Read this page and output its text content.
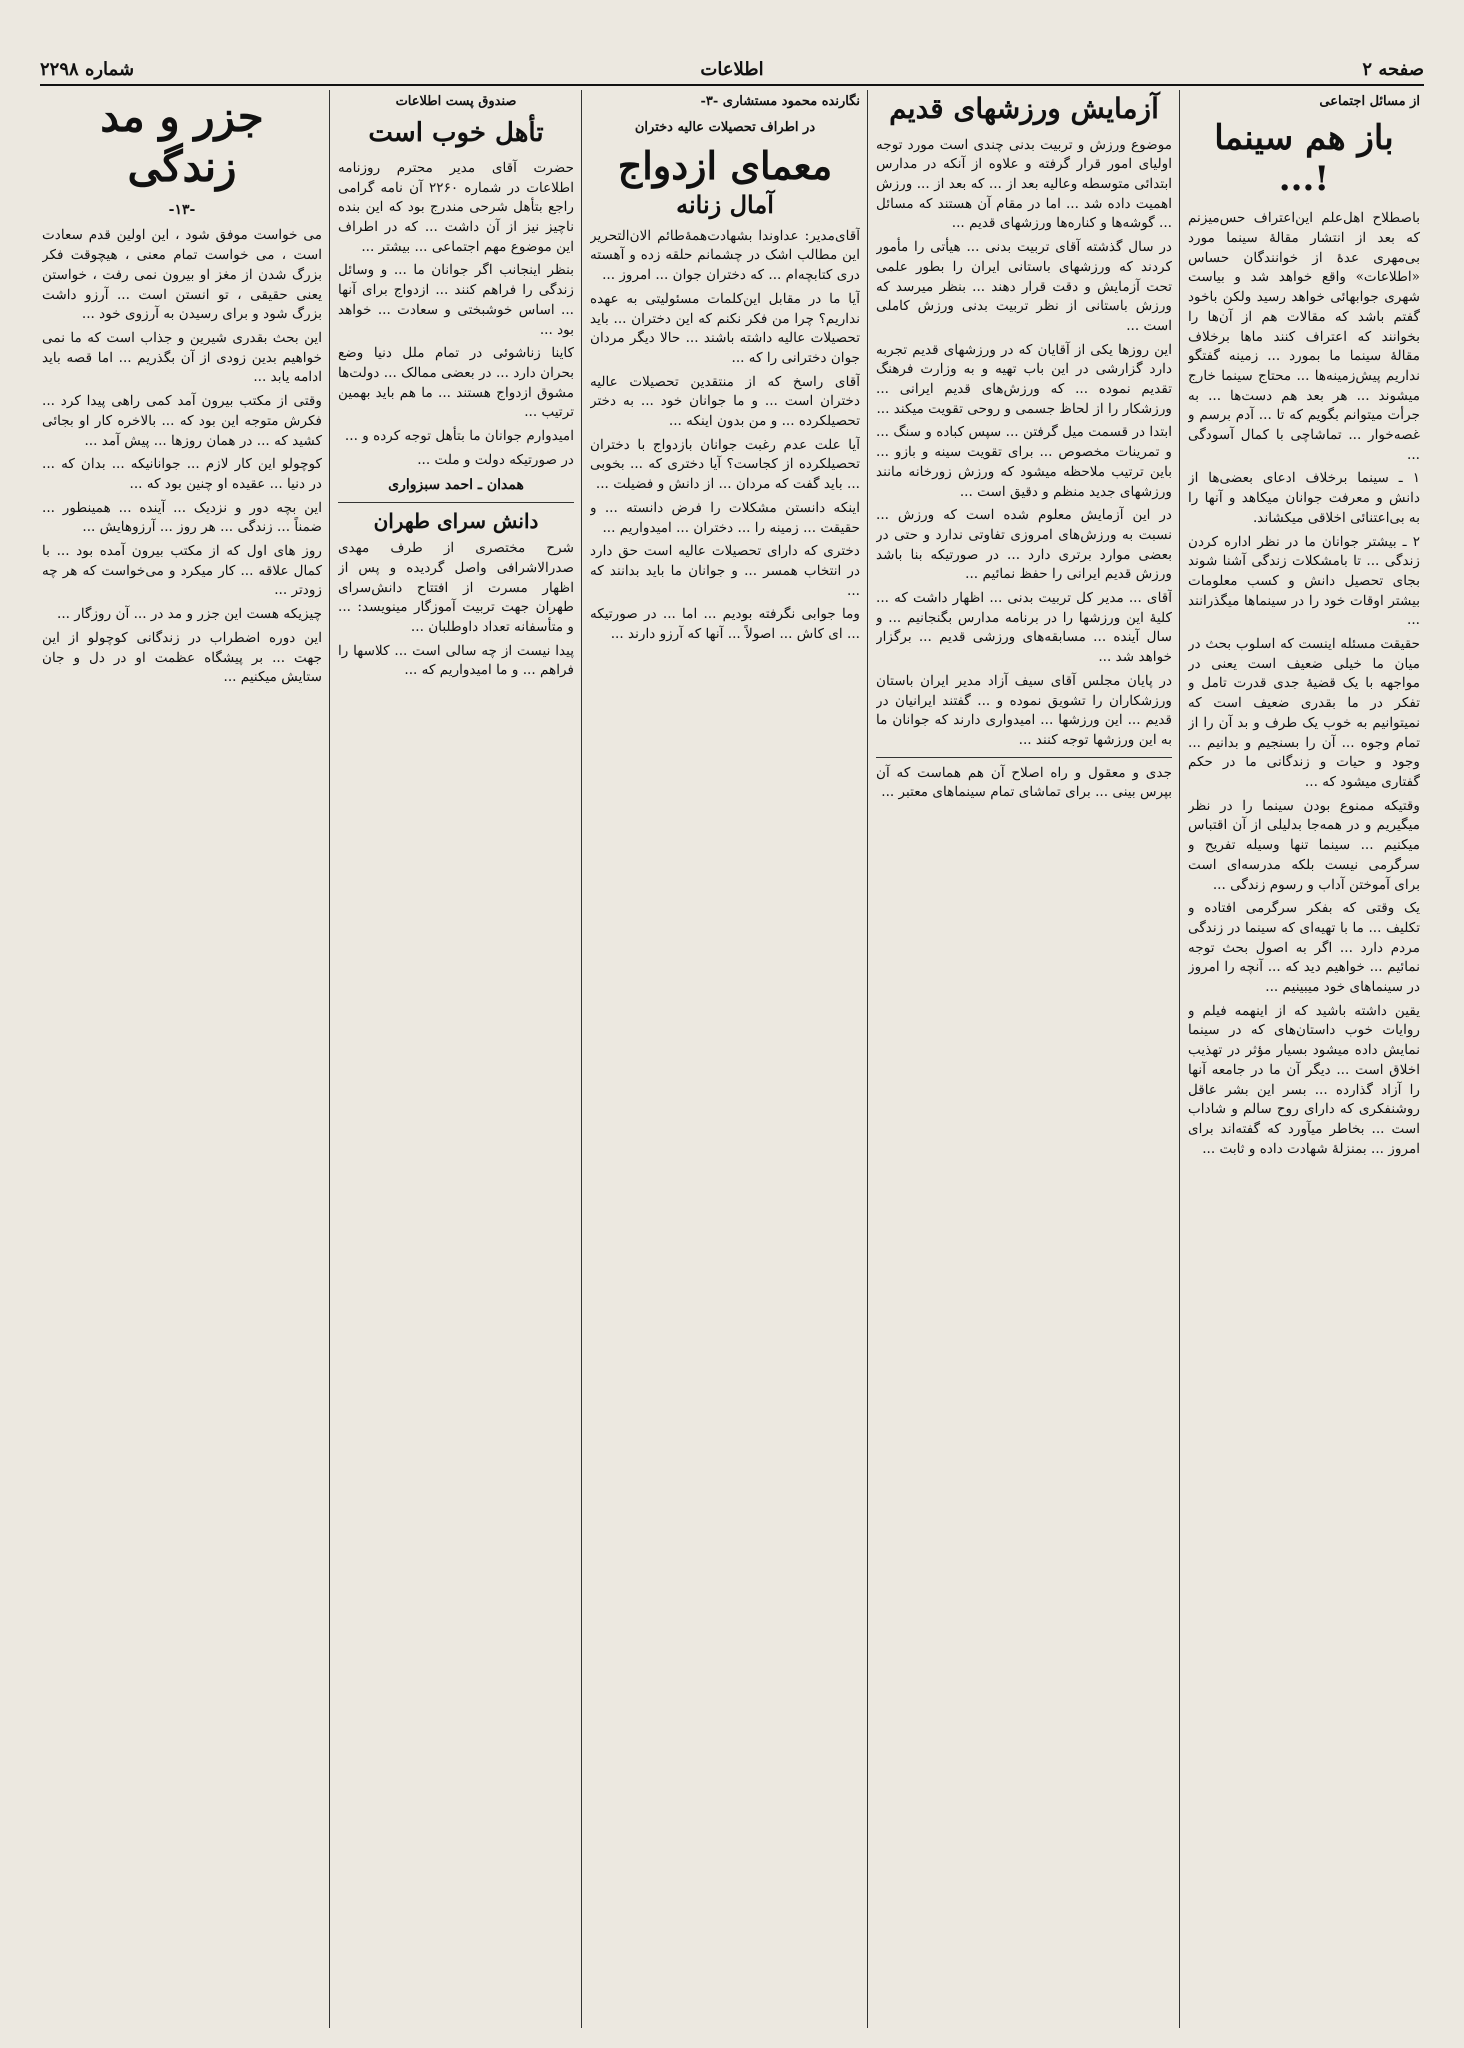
صفحه ۲
اطلاعات
شماره ۲۲۹۸
از مسائل اجتماعی
باز هم سینما !...

باصطلاح اهل‌علم این‌اعتراف حس‌میزنم که بعد از انتشار مقالۀ سینما مورد بی‌مهری عدۀ از خوانندگان حساس «اطلاعات» واقع خواهد شد و بیاست شهری جوابهائی خواهد رسید ولکن باخود گفتم باشد که مقالات هم از آن‌ها را بخوانند که اعتراف کنند ماها برخلاف مقالۀ سینما ما بمورد ... زمینه گفتگو نداریم پیش‌زمینه‌ها ... محتاج سینما خارج میشوند ... هر بعد هم دست‌ها ... به جرأت میتوانم بگویم که تا ... آدم برسم و غصه‌خوار ... تماشاچی با کمال آسودگی ...

۱ ـ سینما برخلاف ادعای بعضی‌ها از دانش و معرفت جوانان میکاهد و آنها را به بی‌اعتنائی اخلاقی میکشاند.

۲ ـ بیشتر جوانان ما در نظر اداره کردن زندگی ... تا بامشکلات زندگی آشنا شوند بجای تحصیل دانش و کسب معلومات بیشتر اوقات خود را در سینماها میگذرانند ...

حقیقت مسئله اینست که اسلوب بحث در میان ما خیلی ضعیف است یعنی در مواجهه با یک قضیۀ جدی قدرت تامل و تفکر در ما بقدری ضعیف است که نمیتوانیم به خوب یک طرف و بد آن را از تمام وجوه ... آن را بسنجیم و بدانیم ... وجود و حیات و زندگانی ما در حکم گفتاری میشود که ...

وقتیکه ممنوع بودن سینما را در نظر میگیریم و در همه‌جا بدلیلی از آن اقتباس میکنیم ... سینما تنها وسیله تفریح و سرگرمی نیست بلکه مدرسه‌ای است برای آموختن آداب و رسوم زندگی ...

یک وقتی که بفکر سرگرمی افتاده و تکلیف ... ما با تهیه‌ای که سینما در زندگی مردم دارد ... اگر به اصول بحث توجه نمائیم ... خواهیم دید که ... آنچه را امروز در سینماهای خود میبینیم ...

یقین داشته باشید که از اینهمه فیلم و روایات خوب داستان‌های که در سینما نمایش داده میشود بسیار مؤثر در تهذیب اخلاق است ... دیگر آن ما در جامعه آنها را آزاد گذارده ... بسر این بشر عاقل روشنفکری که دارای روح سالم و شاداب است ... بخاطر میآورد که گفته‌اند برای امروز ... بمنزلۀ شهادت داده و ثابت ...

آزمایش ورزشهای قدیم

موضوع ورزش و تربیت بدنی چندی است مورد توجه اولیای امور قرار گرفته و علاوه از آنکه در مدارس ابتدائی متوسطه وعالیه بعد از ... که بعد از ... ورزش اهمیت داده شد ... اما در مقام آن هستند که مسائل ... گوشه‌ها و کناره‌ها ورزشهای قدیم ...

در سال گذشته آقای تربیت بدنی ... هیأتی را مأمور کردند که ورزشهای باستانی ایران را بطور علمی تحت آزمایش و دقت قرار دهند ... بنظر میرسد که ورزش باستانی از نظر تربیت بدنی ورزش کاملی است ...

این روزها یکی از آقایان که در ورزشهای قدیم تجربه دارد گزارشی در این باب تهیه و به وزارت فرهنگ تقدیم نموده ... که ورزش‌های قدیم ایرانی ... ورزشکار را از لحاظ جسمی و روحی تقویت میکند ...

ابتدا در قسمت میل گرفتن ... سپس کباده و سنگ ... و تمرینات مخصوص ... برای تقویت سینه و بازو ... باین ترتیب ملاحظه میشود که ورزش زورخانه مانند ورزشهای جدید منظم و دقیق است ...

در این آزمایش معلوم شده است که ورزش ... نسبت به ورزش‌های امروزی تفاوتی ندارد و حتی در بعضی موارد برتری دارد ... در صورتیکه بنا باشد ورزش قدیم ایرانی را حفظ نمائیم ...

آقای ... مدیر کل تربیت بدنی ... اظهار داشت که ... کلیۀ این ورزشها را در برنامه مدارس بگنجانیم ... و سال آینده ... مسابقه‌های ورزشی قدیم ... برگزار خواهد شد ...

در پایان مجلس آقای سیف آزاد مدیر ایران باستان ورزشکاران را تشویق نموده و ... گفتند ایرانیان در قدیم ... این ورزشها ... امیدواری دارند که جوانان ما به این ورزشها توجه کنند ...

جدی و معقول و راه اصلاح آن هم هماست که آن بپرس بینی ... برای تماشای تمام سینماهای معتبر ...

نگارنده محمود مستشاری -۳-
در اطراف تحصیلات عالیه دختران
معمای ازدواج
آمال زنانه

آقای‌مدیر: عداوندا بشهادت‌همۀطائم الان‌التحریر این مطالب اشک در چشمانم حلقه زده و آهسته دری کتابچه‌ام ... که دختران جوان ... امروز ...

آیا ما در مقابل این‌کلمات مسئولیتی به عهده نداریم؟ چرا من فکر نکنم که این دختران ... باید تحصیلات عالیه داشته باشند ... حالا دیگر مردان جوان دخترانی را که ...

آقای راسخ که از منتقدین تحصیلات عالیه دختران است ... و ما جوانان خود ... به دختر تحصیلکرده ... و من بدون اینکه ...

آیا علت عدم رغبت جوانان بازدواج با دختران تحصیلکرده از کجاست؟ آیا دختری که ... بخوبی ... باید گفت که مردان ... از دانش و فضیلت ...

اینکه دانستن مشکلات را فرض دانسته ... و حقیقت ... زمینه را ... دختران ... امیدواریم ...

دختری که دارای تحصیلات عالیه است حق دارد در انتخاب همسر ... و جوانان ما باید بدانند که ...

وما جوابی نگرفته بودیم ... اما ... در صورتیکه ... ای کاش ... اصولاً ... آنها که آرزو دارند ...

صندوق پست اطلاعات
تأهل خوب است

حضرت آقای مدیر محترم روزنامه اطلاعات در شماره ۲۲۶۰ آن نامه گرامی راجع بتأهل شرحی مندرج بود که این بنده ناچیز نیز از آن داشت ... که در اطراف این موضوع مهم اجتماعی ... بیشتر ...

بنظر اینجانب اگر جوانان ما ... و وسائل زندگی را فراهم کنند ... ازدواج برای آنها ... اساس خوشبختی و سعادت ... خواهد بود ...

کاینا زناشوئی در تمام ملل دنیا وضع بحران دارد ... در بعضی ممالک ... دولت‌ها مشوق ازدواج هستند ... ما هم باید بهمین ترتیب ...

امیدوارم جوانان ما بتأهل توجه کرده و ...

در صورتیکه دولت و ملت ...

همدان ـ احمد سبزواری
دانش سرای طهران

شرح مختصری از طرف مهدی صدرالاشرافی واصل گردیده و پس از اظهار مسرت از افتتاح دانش‌سرای طهران جهت تربیت آموزگار مینویسد: ... و متأسفانه تعداد داوطلبان ...

پیدا‌ نیست از چه سالی است ... کلاسها را فراهم ... و ما امیدواریم که ...

جزر و مد زندگی
-۱۳-

می خواست موفق شود ، این اولین قدم سعادت است ، می خواست تمام معنی ، هیچوقت فکر بزرگ شدن از مغز او بیرون نمی رفت ، خواستن یعنی حقیقی ، تو انستن است ... آرزو داشت بزرگ شود و برای رسیدن به آرزوی خود ...

این بحث بقدری شیرین و جذاب است که ما نمی خواهیم بدین زودی از آن بگذریم ... اما قصه باید ادامه یابد ...

وقتی از مکتب بیرون آمد کمی راهی پیدا کرد ... فکرش متوجه این بود که ... بالاخره کار او بجائی کشید که ... در همان روزها ... پیش آمد ...

کوچولو این کار لازم ... جوانانیکه ... بدان که ... در دنیا ... عقیده او چنین بود که ...

این بچه دور و نزدیک ... آینده ... همینطور ... ضمناً ... زندگی ... هر روز ... آرزوهایش ...

روز های اول که از مکتب بیرون آمده بود ... با کمال علاقه ... کار میکرد و می‌خواست که هر چه زودتر ...

چیزیکه هست این جزر و مد در ... آن روزگار ...

این دوره اضطراب در زندگانی کوچولو از این جهت ... بر پیشگاه عظمت او در دل و جان ستایش میکنیم ...
